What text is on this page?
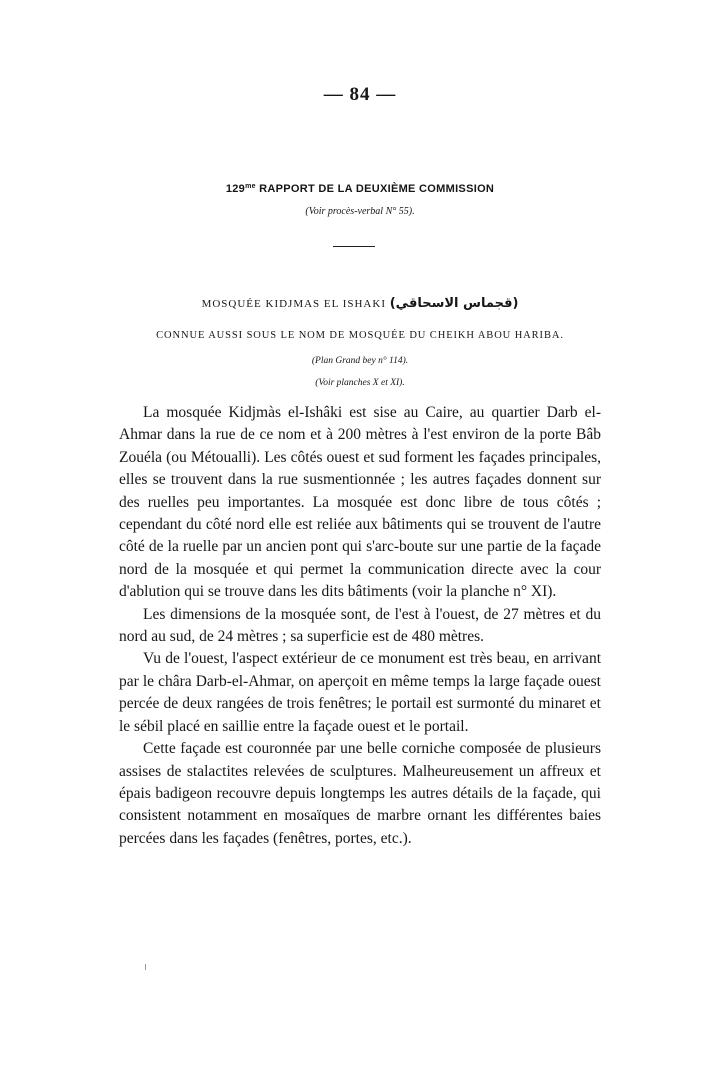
— 84 —
$129^{me}$ RAPPORT DE LA DEUXIÈME COMMISSION
(Voir procès-verbal N° 55).
MOSQUÉE KIDJMAS EL ISHAKI (قجماس الاسحاقي)
CONNUE AUSSI SOUS LE NOM DE MOSQUÉE DU CHEIKH ABOU HARIBA.
(Plan Grand bey n° 114).
(Voir planches X et XI).

La mosquée Kidjmàs el-Ishâki est sise au Caire, au quartier Darb el-Ahmar dans la rue de ce nom et à 200 mètres à l'est environ de la porte Bâb Zouéla (ou Métoualli). Les côtés ouest et sud forment les façades principales, elles se trouvent dans la rue susmentionnée ; les autres façades donnent sur des ruelles peu importantes. La mosquée est donc libre de tous côtés ; cependant du côté nord elle est reliée aux bâtiments qui se trouvent de l'autre côté de la ruelle par un ancien pont qui s'arc-boute sur une partie de la façade nord de la mosquée et qui permet la communication directe avec la cour d'ablution qui se trouve dans les dits bâtiments (voir la planche n° XI).

Les dimensions de la mosquée sont, de l'est à l'ouest, de 27 mètres et du nord au sud, de 24 mètres ; sa superficie est de 480 mètres.

Vu de l'ouest, l'aspect extérieur de ce monument est très beau, en arrivant par le châra Darb-el-Ahmar, on aperçoit en même temps la large façade ouest percée de deux rangées de trois fenêtres; le portail est surmonté du minaret et le sébil placé en saillie entre la façade ouest et le portail.

Cette façade est couronnée par une belle corniche composée de plusieurs assises de stalactites relevées de sculptures. Malheureusement un affreux et épais badigeon recouvre depuis longtemps les autres détails de la façade, qui consistent notamment en mosaïques de marbre ornant les différentes baies percées dans les façades (fenêtres, portes, etc.).
